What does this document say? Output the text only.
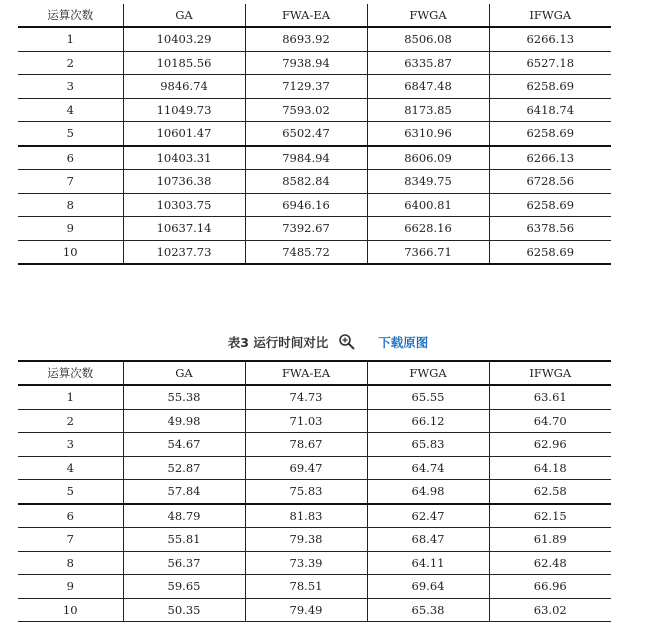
运算次数	GA	FWA-EA	FWGA	IFWGA
1	10403.29	8693.92	8506.08	6266.13
2	10185.56	7938.94	6335.87	6527.18
3	9846.74	7129.37	6847.48	6258.69
4	11049.73	7593.02	8173.85	6418.74
5	10601.47	6502.47	6310.96	6258.69
6	10403.31	7984.94	8606.09	6266.13
7	10736.38	8582.84	8349.75	6728.56
8	10303.75	6946.16	6400.81	6258.69
9	10637.14	7392.67	6628.16	6378.56
10	10237.73	7485.72	7366.71	6258.69
表3 运行时间对比	下载原图
运算次数	GA	FWA-EA	FWGA	IFWGA
1	55.38	74.73	65.55	63.61
2	49.98	71.03	66.12	64.70
3	54.67	78.67	65.83	62.96
4	52.87	69.47	64.74	64.18
5	57.84	75.83	64.98	62.58
6	48.79	81.83	62.47	62.15
7	55.81	79.38	68.47	61.89
8	56.37	73.39	64.11	62.48
9	59.65	78.51	69.64	66.96
10	50.35	79.49	65.38	63.02
